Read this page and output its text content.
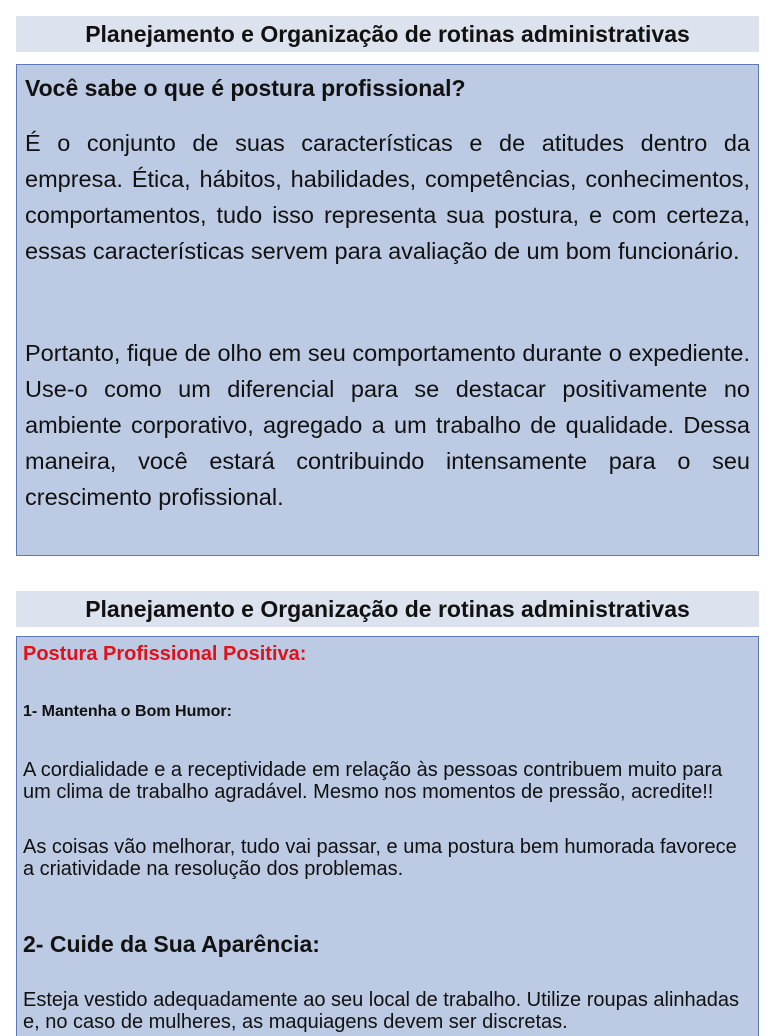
Planejamento e Organização de rotinas administrativas

Você sabe o que é postura profissional?

É o conjunto de suas características e de atitudes dentro da empresa. Ética, hábitos, habilidades, competências, conhecimentos, comportamentos, tudo isso representa sua postura, e com certeza, essas características servem para avaliação de um bom funcionário.

Portanto, fique de olho em seu comportamento durante o expediente. Use-o como um diferencial para se destacar positivamente no ambiente corporativo, agregado a um trabalho de qualidade. Dessa maneira, você estará contribuindo intensamente para o seu crescimento profissional.

Planejamento e Organização de rotinas administrativas

Postura Profissional Positiva:

1- Mantenha o Bom Humor:

A cordialidade e a receptividade em relação às pessoas contribuem muito para um clima de trabalho agradável. Mesmo nos momentos de pressão, acredite!!

As coisas vão melhorar, tudo vai passar, e uma postura bem humorada favorece a criatividade na resolução dos problemas.

2- Cuide da Sua Aparência:

Esteja vestido adequadamente ao seu local de trabalho. Utilize roupas alinhadas e, no caso de mulheres, as maquiagens devem ser discretas.
